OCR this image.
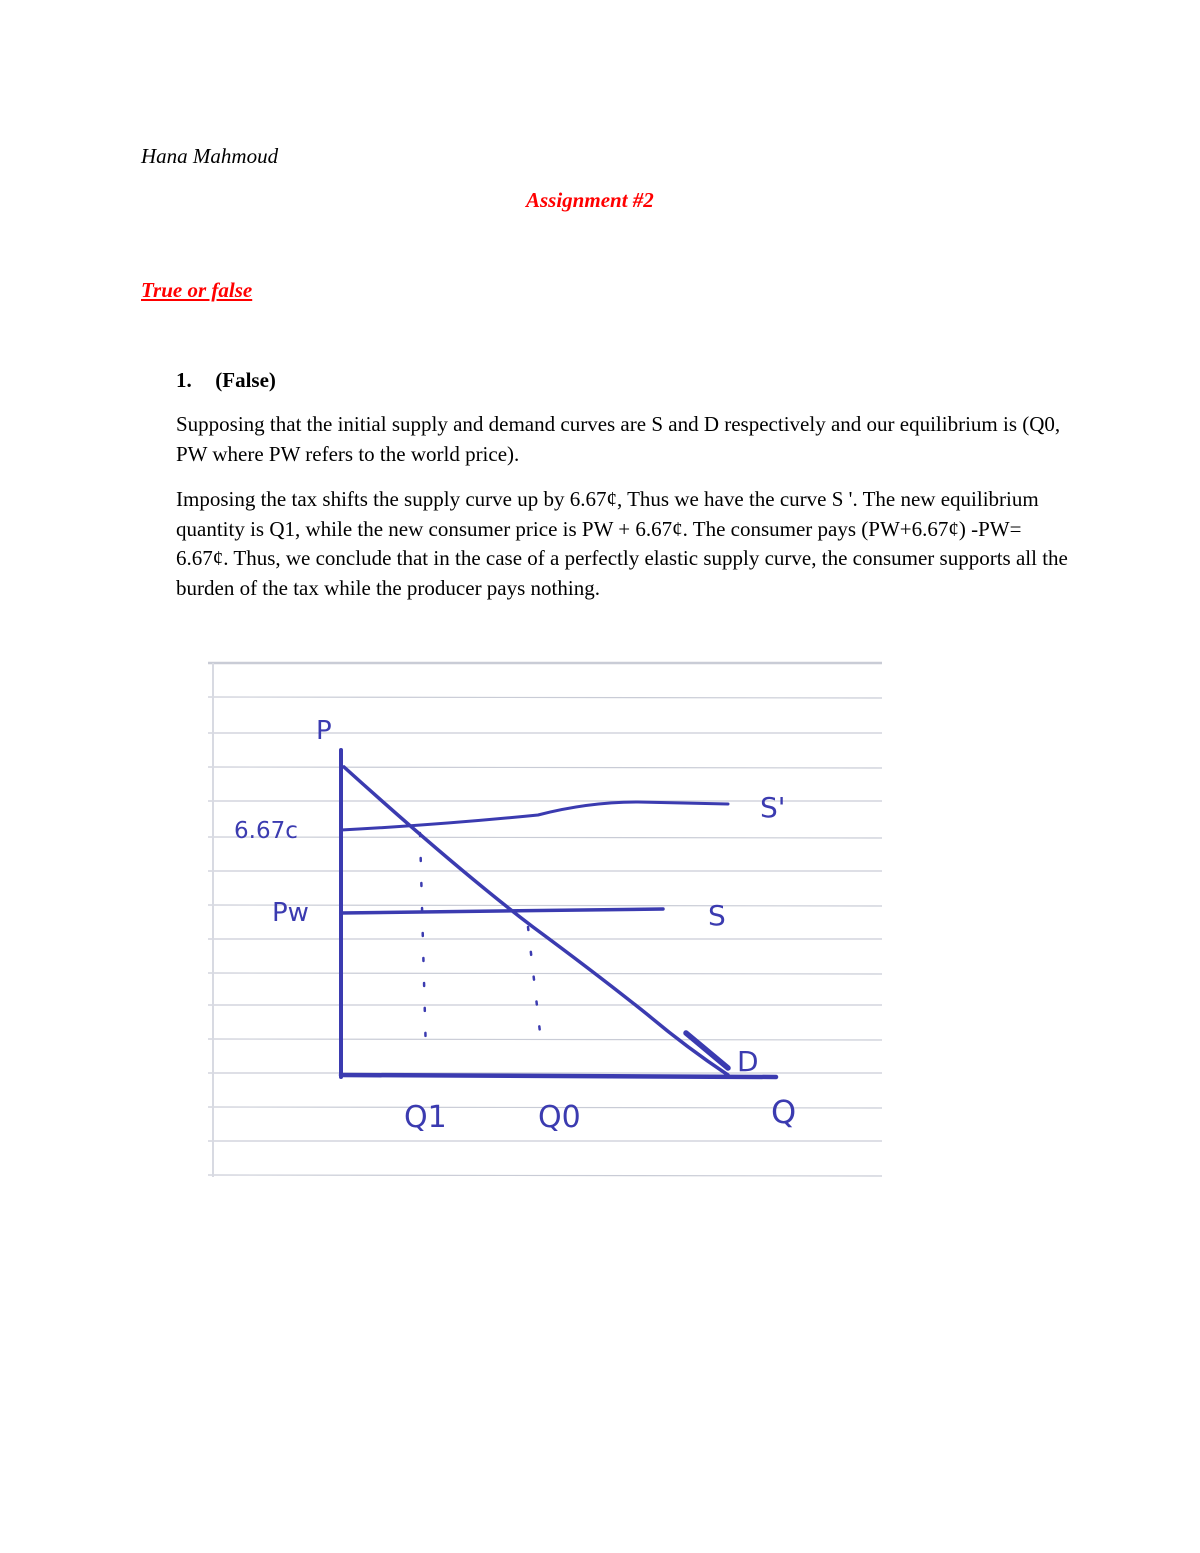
Hana Mahmoud
Assignment #2
True or false
1. (False)

Supposing that the initial supply and demand curves are S and D respectively and our equilibrium is (Q0, PW where PW refers to the world price).

Imposing the tax shifts the supply curve up by 6.67¢, Thus we have the curve S '. The new equilibrium quantity is Q1, while the new consumer price is PW + 6.67¢. The consumer pays (PW+6.67¢) -PW= 6.67¢. Thus, we conclude that in the case of a perfectly elastic supply curve, the consumer supports all the burden of the tax while the producer pays nothing.

P
6.67c
Pw
S'
S
D
Q1	Q0	Q
